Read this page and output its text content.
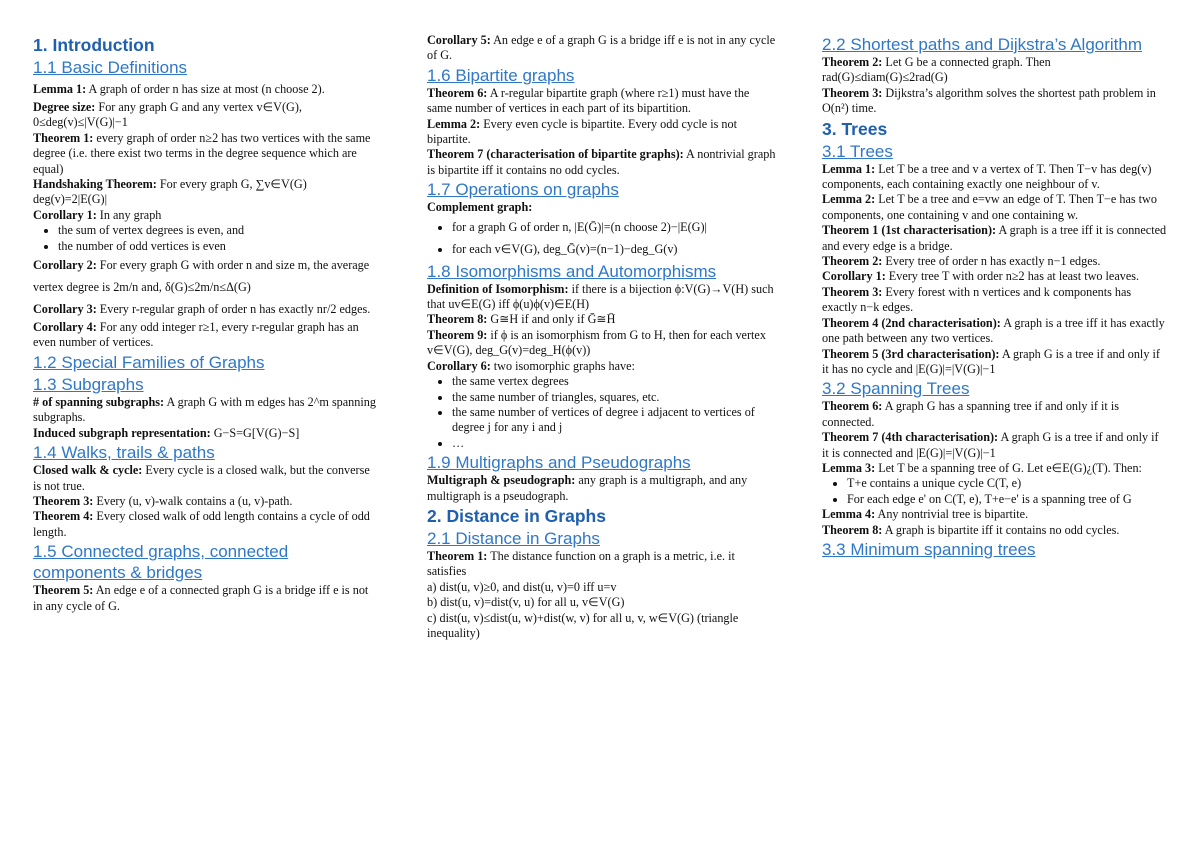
1. Introduction
1.1 Basic Definitions
Lemma 1: A graph of order n has size at most (n choose 2).
Degree size: For any graph G and any vertex v∈V(G), 0≤deg(v)≤|V(G)|−1
Theorem 1: every graph of order n≥2 has two vertices with the same degree (i.e. there exist two terms in the degree sequence which are equal)
Handshaking Theorem: For every graph G, ∑v∈V(G) deg(v)=2|E(G)|
Corollary 1: In any graph
• the sum of vertex degrees is even, and
• the number of odd vertices is even
Corollary 2: For every graph G with order n and size m, the average vertex degree is 2m/n and, δ(G)≤2m/n≤Δ(G)
Corollary 3: Every r-regular graph of order n has exactly nr/2 edges.
Corollary 4: For any odd integer r≥1, every r-regular graph has an even number of vertices.
1.2 Special Families of Graphs
1.3 Subgraphs
# of spanning subgraphs: A graph G with m edges has 2^m spanning subgraphs.
Induced subgraph representation: G−S=G[V(G)−S]
1.4 Walks, trails & paths
Closed walk & cycle: Every cycle is a closed walk, but the converse is not true.
Theorem 3: Every (u, v)-walk contains a (u, v)-path.
Theorem 4: Every closed walk of odd length contains a cycle of odd length.
1.5 Connected graphs, connected components & bridges
Theorem 5: An edge e of a connected graph G is a bridge iff e is not in any cycle of G.
Corollary 5: An edge e of a graph G is a bridge iff e is not in any cycle of G.
1.6 Bipartite graphs
Theorem 6: A r-regular bipartite graph (where r≥1) must have the same number of vertices in each part of its bipartition.
Lemma 2: Every even cycle is bipartite. Every odd cycle is not bipartite.
Theorem 7 (characterisation of bipartite graphs): A nontrivial graph is bipartite iff it contains no odd cycles.
1.7 Operations on graphs
Complement graph:
• for a graph G of order n, |E(Ḡ)|=(n choose 2)−|E(G)|
• for each v∈V(G), deg_Ḡ(v)=(n−1)−deg_G(v)
1.8 Isomorphisms and Automorphisms
Definition of Isomorphism: if there is a bijection ϕ:V(G)→V(H) such that uv∈E(G) iff ϕ(u)ϕ(v)∈E(H)
Theorem 8: G≅H if and only if Ḡ≅H̄
Theorem 9: if ϕ is an isomorphism from G to H, then for each vertex v∈V(G), deg_G(v)=deg_H(ϕ(v))
Corollary 6: two isomorphic graphs have:
• the same vertex degrees
• the same number of triangles, squares, etc.
• the same number of vertices of degree i adjacent to vertices of degree j for any i and j
• …
1.9 Multigraphs and Pseudographs
Multigraph & pseudograph: any graph is a multigraph, and any multigraph is a pseudograph.
2. Distance in Graphs
2.1 Distance in Graphs
Theorem 1: The distance function on a graph is a metric, i.e. it satisfies
a) dist(u, v)≥0, and dist(u, v)=0 iff u=v
b) dist(u, v)=dist(v, u) for all u, v∈V(G)
c) dist(u, v)≤dist(u, w)+dist(w, v) for all u, v, w∈V(G) (triangle inequality)
2.2 Shortest paths and Dijkstra’s Algorithm
Theorem 2: Let G be a connected graph. Then rad(G)≤diam(G)≤2rad(G)
Theorem 3: Dijkstra’s algorithm solves the shortest path problem in O(n²) time.
3. Trees
3.1 Trees
Lemma 1: Let T be a tree and v a vertex of T. Then T−v has deg(v) components, each containing exactly one neighbour of v.
Lemma 2: Let T be a tree and e=vw an edge of T. Then T−e has two components, one containing v and one containing w.
Theorem 1 (1st characterisation): A graph is a tree iff it is connected and every edge is a bridge.
Theorem 2: Every tree of order n has exactly n−1 edges.
Corollary 1: Every tree T with order n≥2 has at least two leaves.
Theorem 3: Every forest with n vertices and k components has exactly n−k edges.
Theorem 4 (2nd characterisation): A graph is a tree iff it has exactly one path between any two vertices.
Theorem 5 (3rd characterisation): A graph G is a tree if and only if it has no cycle and |E(G)|=|V(G)|−1
3.2 Spanning Trees
Theorem 6: A graph G has a spanning tree if and only if it is connected.
Theorem 7 (4th characterisation): A graph G is a tree if and only if it is connected and |E(G)|=|V(G)|−1
Lemma 3: Let T be a spanning tree of G. Let e∈E(G)¿(T). Then:
• T+e contains a unique cycle C(T, e)
• For each edge e' on C(T, e), T+e−e' is a spanning tree of G
Lemma 4: Any nontrivial tree is bipartite.
Theorem 8: A graph is bipartite iff it contains no odd cycles.
3.3 Minimum spanning trees
